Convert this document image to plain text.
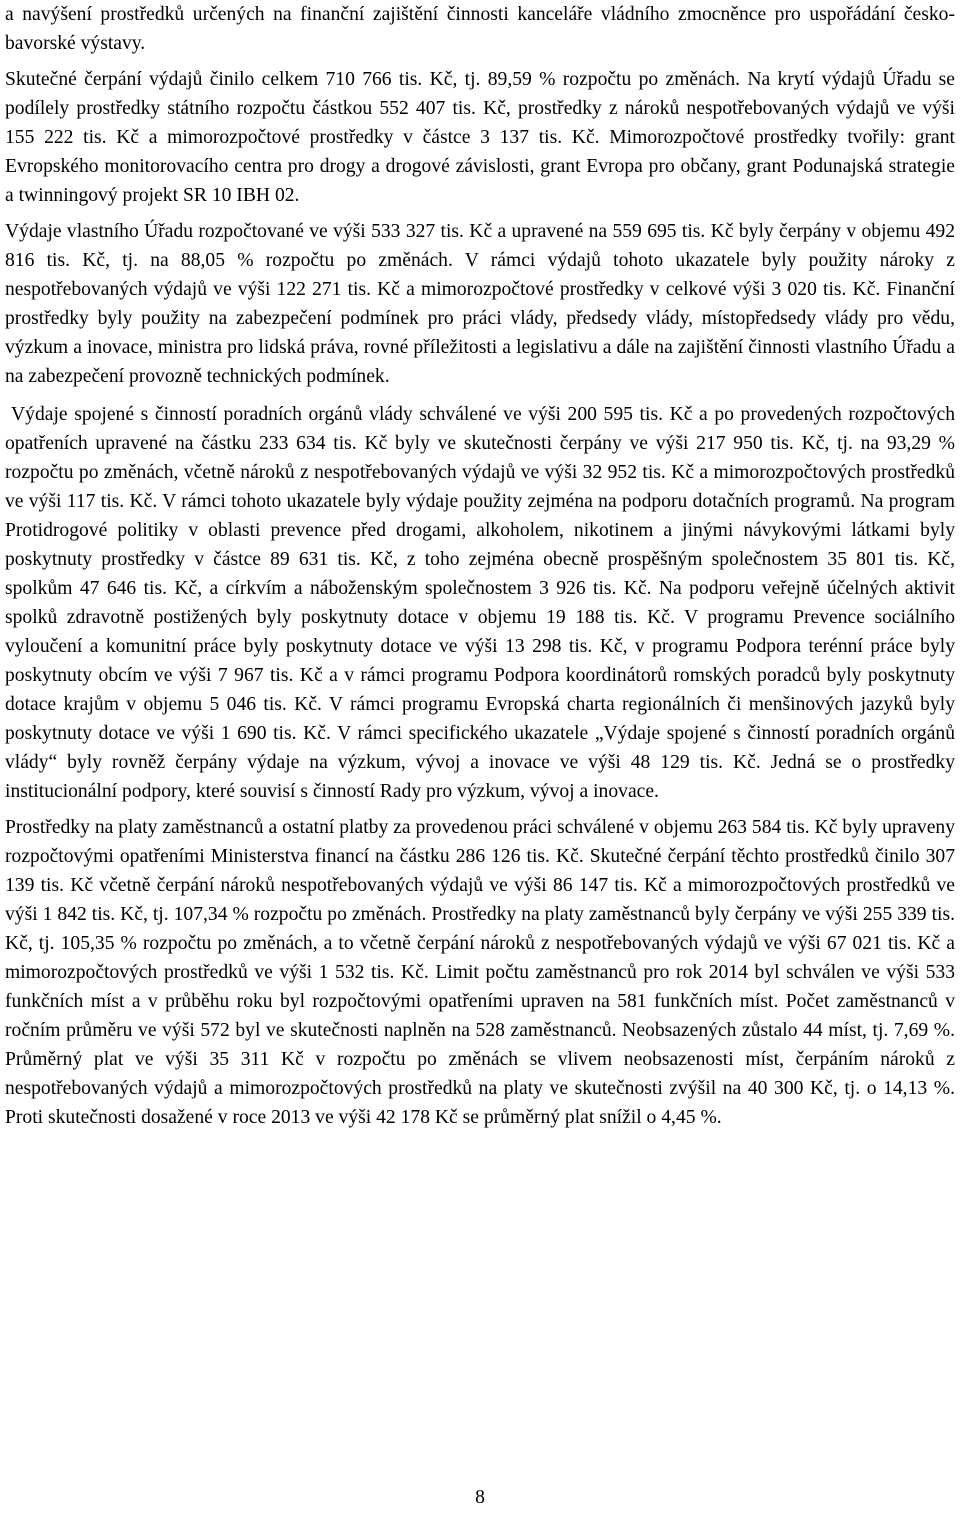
a navýšení prostředků určených na finanční zajištění činnosti kanceláře vládního zmocněnce pro uspořádání česko-bavorské výstavy.

Skutečné čerpání výdajů činilo celkem 710 766 tis. Kč, tj. 89,59 % rozpočtu po změnách. Na krytí výdajů Úřadu se podílely prostředky státního rozpočtu částkou 552 407 tis. Kč, prostředky z nároků nespotřebovaných výdajů ve výši 155 222 tis. Kč a mimorozpočtové prostředky v částce 3 137 tis. Kč. Mimorozpočtové prostředky tvořily: grant Evropského monitorovacího centra pro drogy a drogové závislosti, grant Evropa pro občany, grant Podunajská strategie a twinningový projekt SR 10 IBH 02.

Výdaje vlastního Úřadu rozpočtované ve výši 533 327 tis. Kč a upravené na 559 695 tis. Kč byly čerpány v objemu 492 816 tis. Kč, tj. na 88,05 % rozpočtu po změnách. V rámci výdajů tohoto ukazatele byly použity nároky z nespotřebovaných výdajů ve výši 122 271 tis. Kč a mimorozpočtové prostředky v celkové výši 3 020 tis. Kč. Finanční prostředky byly použity na zabezpečení podmínek pro práci vlády, předsedy vlády, místopředsedy vlády pro vědu, výzkum a inovace, ministra pro lidská práva, rovné příležitosti a legislativu a dále na zajištění činnosti vlastního Úřadu a na zabezpečení provozně technických podmínek.

Výdaje spojené s činností poradních orgánů vlády schválené ve výši 200 595 tis. Kč a po provedených rozpočtových opatřeních upravené na částku 233 634 tis. Kč byly ve skutečnosti čerpány ve výši 217 950 tis. Kč, tj. na 93,29 % rozpočtu po změnách, včetně nároků z nespotřebovaných výdajů ve výši 32 952 tis. Kč a mimorozpočtových prostředků ve výši 117 tis. Kč. V rámci tohoto ukazatele byly výdaje použity zejména na podporu dotačních programů. Na program Protidrogové politiky v oblasti prevence před drogami, alkoholem, nikotinem a jinými návykovými látkami byly poskytnuty prostředky v částce 89 631 tis. Kč, z toho zejména obecně prospěšným společnostem 35 801 tis. Kč, spolkům 47 646 tis. Kč, a církvím a náboženským společnostem 3 926 tis. Kč. Na podporu veřejně účelných aktivit spolků zdravotně postižených byly poskytnuty dotace v objemu 19 188 tis. Kč. V programu Prevence sociálního vyloučení a komunitní práce byly poskytnuty dotace ve výši 13 298 tis. Kč, v programu Podpora terénní práce byly poskytnuty obcím ve výši 7 967 tis. Kč a v rámci programu Podpora koordinátorů romských poradců byly poskytnuty dotace krajům v objemu 5 046 tis. Kč. V rámci programu Evropská charta regionálních či menšinových jazyků byly poskytnuty dotace ve výši 1 690 tis. Kč. V rámci specifického ukazatele „Výdaje spojené s činností poradních orgánů vlády“ byly rovněž čerpány výdaje na výzkum, vývoj a inovace ve výši 48 129 tis. Kč. Jedná se o prostředky institucionální podpory, které souvisí s činností Rady pro výzkum, vývoj a inovace.

Prostředky na platy zaměstnanců a ostatní platby za provedenou práci schválené v objemu 263 584 tis. Kč byly upraveny rozpočtovými opatřeními Ministerstva financí na částku 286 126 tis. Kč. Skutečné čerpání těchto prostředků činilo 307 139 tis. Kč včetně čerpání nároků nespotřebovaných výdajů ve výši 86 147 tis. Kč a mimorozpočtových prostředků ve výši 1 842 tis. Kč, tj. 107,34 % rozpočtu po změnách. Prostředky na platy zaměstnanců byly čerpány ve výši 255 339 tis. Kč, tj. 105,35 % rozpočtu po změnách, a to včetně čerpání nároků z nespotřebovaných výdajů ve výši 67 021 tis. Kč a mimorozpočtových prostředků ve výši 1 532 tis. Kč. Limit počtu zaměstnanců pro rok 2014 byl schválen ve výši 533 funkčních míst a v průběhu roku byl rozpočtovými opatřeními upraven na 581 funkčních míst. Počet zaměstnanců v ročním průměru ve výši 572 byl ve skutečnosti naplněn na 528 zaměstnanců. Neobsazených zůstalo 44 míst, tj. 7,69 %. Průměrný plat ve výši 35 311 Kč v rozpočtu po změnách se vlivem neobsazenosti míst, čerpáním nároků z nespotřebovaných výdajů a mimorozpočtových prostředků na platy ve skutečnosti zvýšil na 40 300 Kč, tj. o 14,13 %. Proti skutečnosti dosažené v roce 2013 ve výši 42 178 Kč se průměrný plat snížil o 4,45 %.

8
